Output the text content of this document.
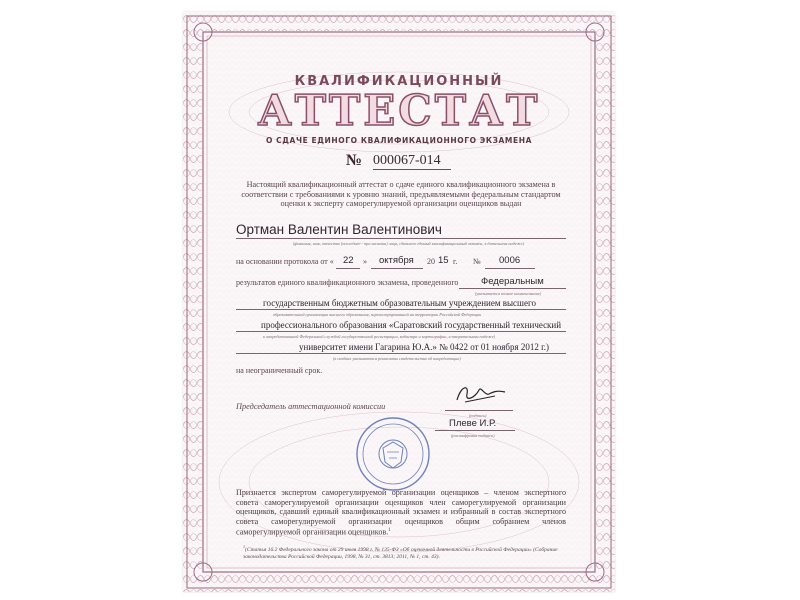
КВАЛИФИКАЦИОННЫЙ
АТТЕСТАТ
О СДАЧЕ ЕДИНОГО КВАЛИФИКАЦИОННОГО ЭКЗАМЕНА
№ 000067-014
Настоящий квалификационный аттестат о сдаче единого квалификационного экзамена в соответствии с требованиями к уровню знаний, предъявляемыми федеральным стандартом оценки к эксперту саморегулируемой организации оценщиков выдан
Ортман Валентин Валентинович
(фамилия, имя, отчество (последнее - при наличии) лица, сдавшего единый квалификационный экзамен, в дательном падеже)
на основании протокола от « 22 » октября 20 15 г. № 0006
результатов единого квалификационного экзамена, проведенного Федеральным
(указывается полное наименование)
государственным бюджетным образовательным учреждением высшего
образовательной организации высшего образования, зарегистрированной на территории Российской Федерации
профессионального образования «Саратовский государственный технический
и аккредитованной Федеральной службой государственной регистрации, кадастра и картографии, в творительном падеже)
университет имени Гагарина Ю.А.» № 0422 от 01 ноября 2012 г.)
(в скобках указываются реквизиты свидетельства об аккредитации)
на неограниченный срок.
Председатель аттестационной комиссии
(подпись)
Плеве И.Р.
(расшифровка подписи)
Признается экспертом саморегулируемой организации оценщиков – членом экспертного совета саморегулируемой организации оценщиков член саморегулируемой организации оценщиков, сдавший единый квалификационный экзамен и избранный в состав экспертного совета саморегулируемой организации оценщиков общим собранием членов саморегулируемой организации оценщиков.$^1$
$^1$(Статья 16.2 Федерального закона от 29 июля 1998 г. № 135-ФЗ «Об оценочной деятельности в Российской Федерации» (Собрание законодательства Российской Федерации, 1998, № 31, ст. 3813; 2011, № 1, ст. 43).
